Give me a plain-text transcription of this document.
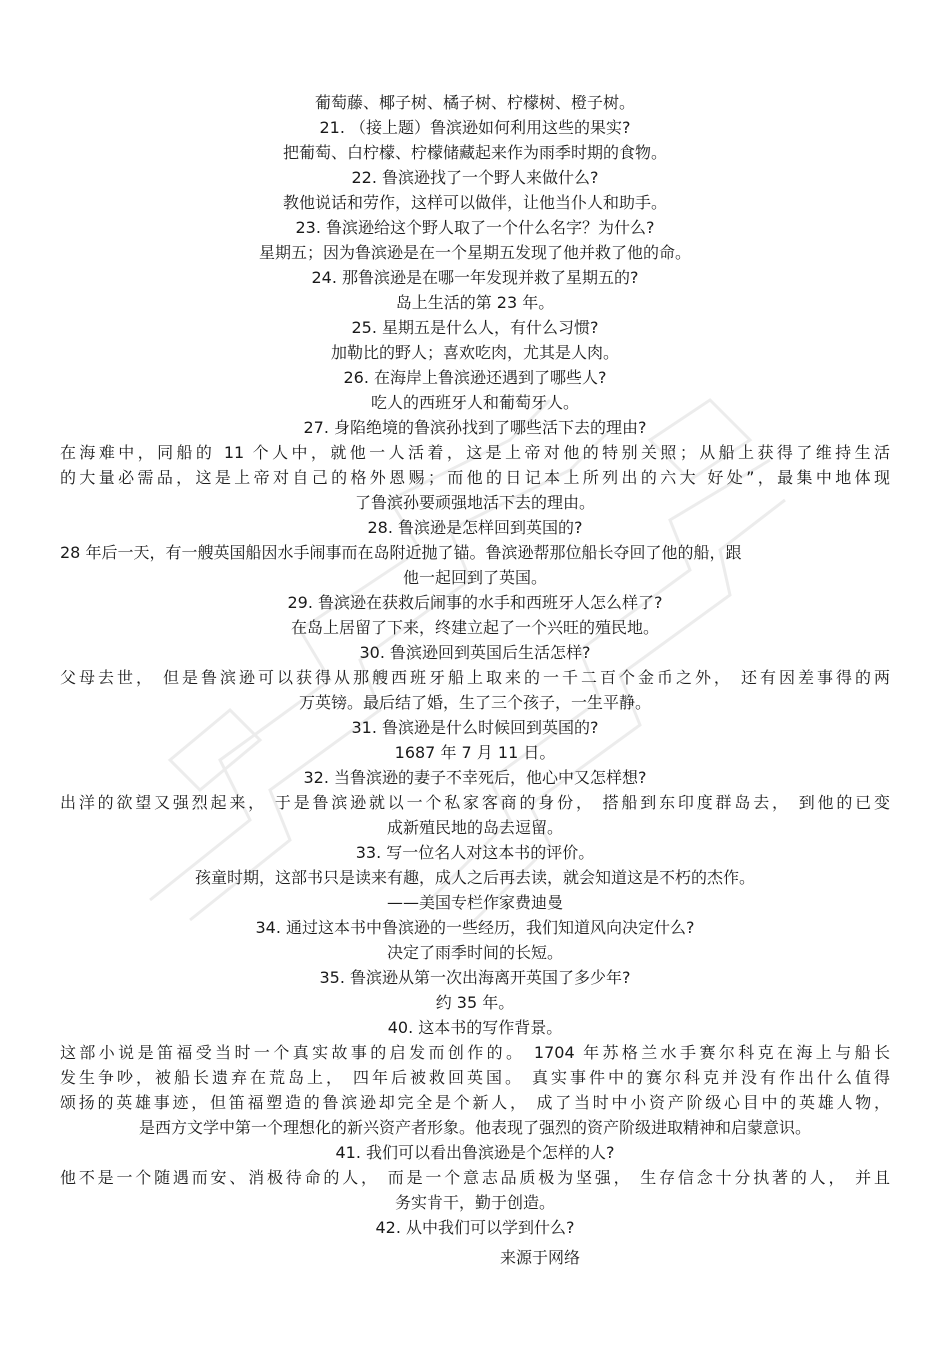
葡萄藤、椰子树、橘子树、柠檬树、橙子树。

21. （接上题）鲁滨逊如何利用这些的果实?

把葡萄、白柠檬、柠檬储藏起来作为雨季时期的食物。

22. 鲁滨逊找了一个野人来做什么?

教他说话和劳作，这样可以做伴，让他当仆人和助手。

23. 鲁滨逊给这个野人取了一个什么名字？为什么?

星期五；因为鲁滨逊是在一个星期五发现了他并救了他的命。

24. 那鲁滨逊是在哪一年发现并救了星期五的?

岛上生活的第 23 年。

25. 星期五是什么人，有什么习惯?

加勒比的野人；喜欢吃肉，尤其是人肉。

26. 在海岸上鲁滨逊还遇到了哪些人?

吃人的西班牙人和葡萄牙人。

27. 身陷绝境的鲁滨孙找到了哪些活下去的理由?

在海难中，同船的 11 个人中，就他一人活着，这是上帝对他的特别关照；从船上获得了维持生活

的大量必需品，这是上帝对自己的格外恩赐；而他的日记本上所列出的六大 好处”，最集中地体现

了鲁滨孙要顽强地活下去的理由。

28. 鲁滨逊是怎样回到英国的?

28 年后一天，有一艘英国船因水手闹事而在岛附近抛了锚。鲁滨逊帮那位船长夺回了他的船，跟

他一起回到了英国。

29. 鲁滨逊在获救后闹事的水手和西班牙人怎么样了?

在岛上居留了下来，终建立起了一个兴旺的殖民地。

30. 鲁滨逊回到英国后生活怎样?

父母去世， 但是鲁滨逊可以获得从那艘西班牙船上取来的一千二百个金币之外， 还有因差事得的两

万英镑。最后结了婚，生了三个孩子，一生平静。

31. 鲁滨逊是什么时候回到英国的?

1687 年 7 月 11 日。

32. 当鲁滨逊的妻子不幸死后，他心中又怎样想?

出洋的欲望又强烈起来， 于是鲁滨逊就以一个私家客商的身份， 搭船到东印度群岛去， 到他的已变

成新殖民地的岛去逗留。

33. 写一位名人对这本书的评价。

孩童时期，这部书只是读来有趣，成人之后再去读，就会知道这是不朽的杰作。

——美国专栏作家费迪曼

34. 通过这本书中鲁滨逊的一些经历，我们知道风向决定什么?

决定了雨季时间的长短。

35. 鲁滨逊从第一次出海离开英国了多少年?

约 35 年。

40. 这本书的写作背景。

这部小说是笛福受当时一个真实故事的启发而创作的。 1704 年苏格兰水手赛尔科克在海上与船长

发生争吵，被船长遗弃在荒岛上， 四年后被救回英国。 真实事件中的赛尔科克并没有作出什么值得

颂扬的英雄事迹，但笛福塑造的鲁滨逊却完全是个新人， 成了当时中小资产阶级心目中的英雄人物，

是西方文学中第一个理想化的新兴资产者形象。他表现了强烈的资产阶级进取精神和启蒙意识。

41. 我们可以看出鲁滨逊是个怎样的人?

他不是一个随遇而安、消极待命的人， 而是一个意志品质极为坚强， 生存信念十分执著的人， 并且

务实肯干，勤于创造。

42. 从中我们可以学到什么?

来源于网络
